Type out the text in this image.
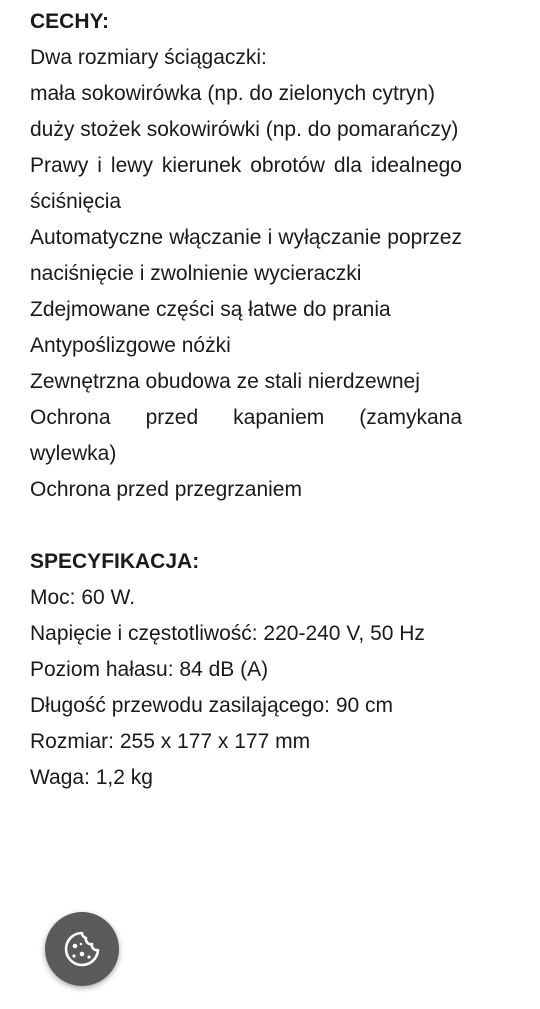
CECHY:

Dwa rozmiary ściągaczki:

mała sokowirówka (np. do zielonych cytryn)

duży stożek sokowirówki (np. do pomarańczy)

Prawy i lewy kierunek obrotów dla idealnego ściśnięcia

Automatyczne włączanie i wyłączanie poprzez naciśnięcie i zwolnienie wycieraczki

Zdejmowane części są łatwe do prania

Antypoślizgowe nóżki

Zewnętrzna obudowa ze stali nierdzewnej

Ochrona przed kapaniem (zamykana wylewka)

Ochrona przed przegrzaniem

SPECYFIKACJA:

Moc: 60 W.

Napięcie i częstotliwość: 220-240 V, 50 Hz

Poziom hałasu: 84 dB (A)

Długość przewodu zasilającego: 90 cm

Rozmiar: 255 x 177 x 177 mm

Waga: 1,2 kg
